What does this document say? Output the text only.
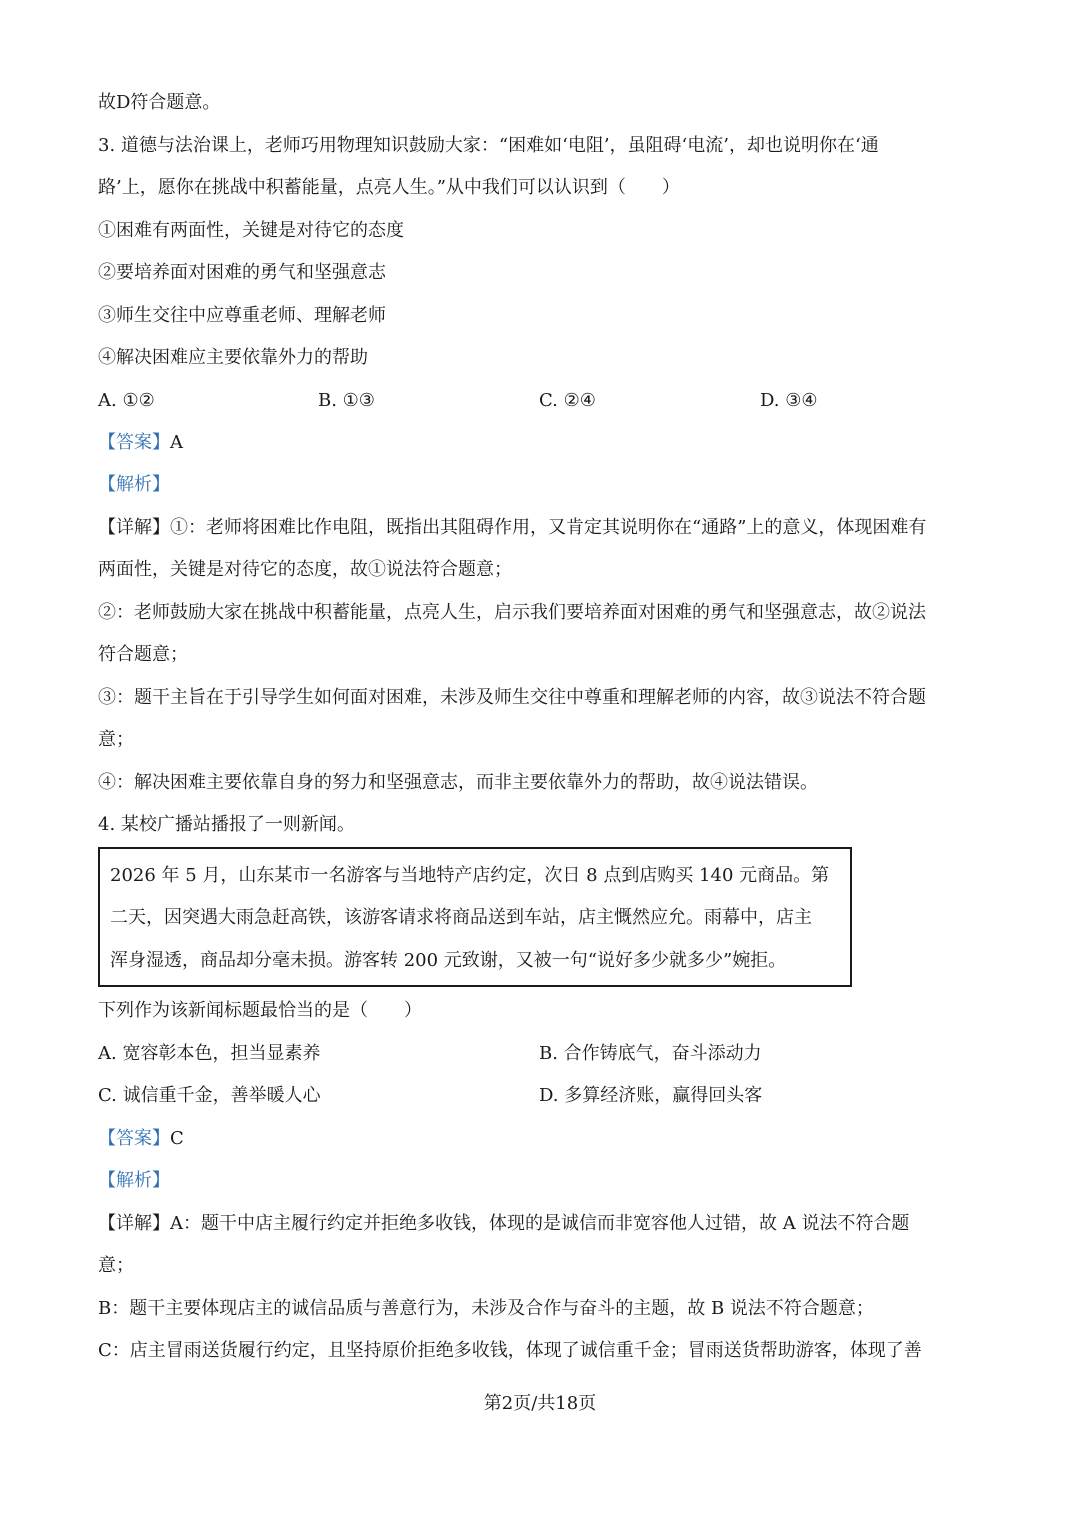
故D符合题意。
3. 道德与法治课上，老师巧用物理知识鼓励大家：“困难如‘电阻’，虽阻碍‘电流’，却也说明你在‘通
路’上，愿你在挑战中积蓄能量，点亮人生。”从中我们可以认识到（　　）
①困难有两面性，关键是对待它的态度
②要培养面对困难的勇气和坚强意志
③师生交往中应尊重老师、理解老师
④解决困难应主要依靠外力的帮助
A. ①②	B. ①③	C. ②④	D. ③④
【答案】A
【解析】
【详解】①：老师将困难比作电阻，既指出其阻碍作用，又肯定其说明你在“通路”上的意义，体现困难有
两面性，关键是对待它的态度，故①说法符合题意；
②：老师鼓励大家在挑战中积蓄能量，点亮人生，启示我们要培养面对困难的勇气和坚强意志，故②说法
符合题意；
③：题干主旨在于引导学生如何面对困难，未涉及师生交往中尊重和理解老师的内容，故③说法不符合题
意；
④：解决困难主要依靠自身的努力和坚强意志，而非主要依靠外力的帮助，故④说法错误。
4. 某校广播站播报了一则新闻。
2026 年 5 月，山东某市一名游客与当地特产店约定，次日 8 点到店购买 140 元商品。第
二天，因突遇大雨急赶高铁，该游客请求将商品送到车站，店主慨然应允。雨幕中，店主
浑身湿透，商品却分毫未损。游客转 200 元致谢，又被一句“说好多少就多少”婉拒。
下列作为该新闻标题最恰当的是（　　）
A. 宽容彰本色，担当显素养	B. 合作铸底气，奋斗添动力
C. 诚信重千金，善举暖人心	D. 多算经济账，赢得回头客
【答案】C
【解析】
【详解】A：题干中店主履行约定并拒绝多收钱，体现的是诚信而非宽容他人过错，故 A 说法不符合题
意；
B：题干主要体现店主的诚信品质与善意行为，未涉及合作与奋斗的主题，故 B 说法不符合题意；
C：店主冒雨送货履行约定，且坚持原价拒绝多收钱，体现了诚信重千金；冒雨送货帮助游客，体现了善
第2页/共18页
